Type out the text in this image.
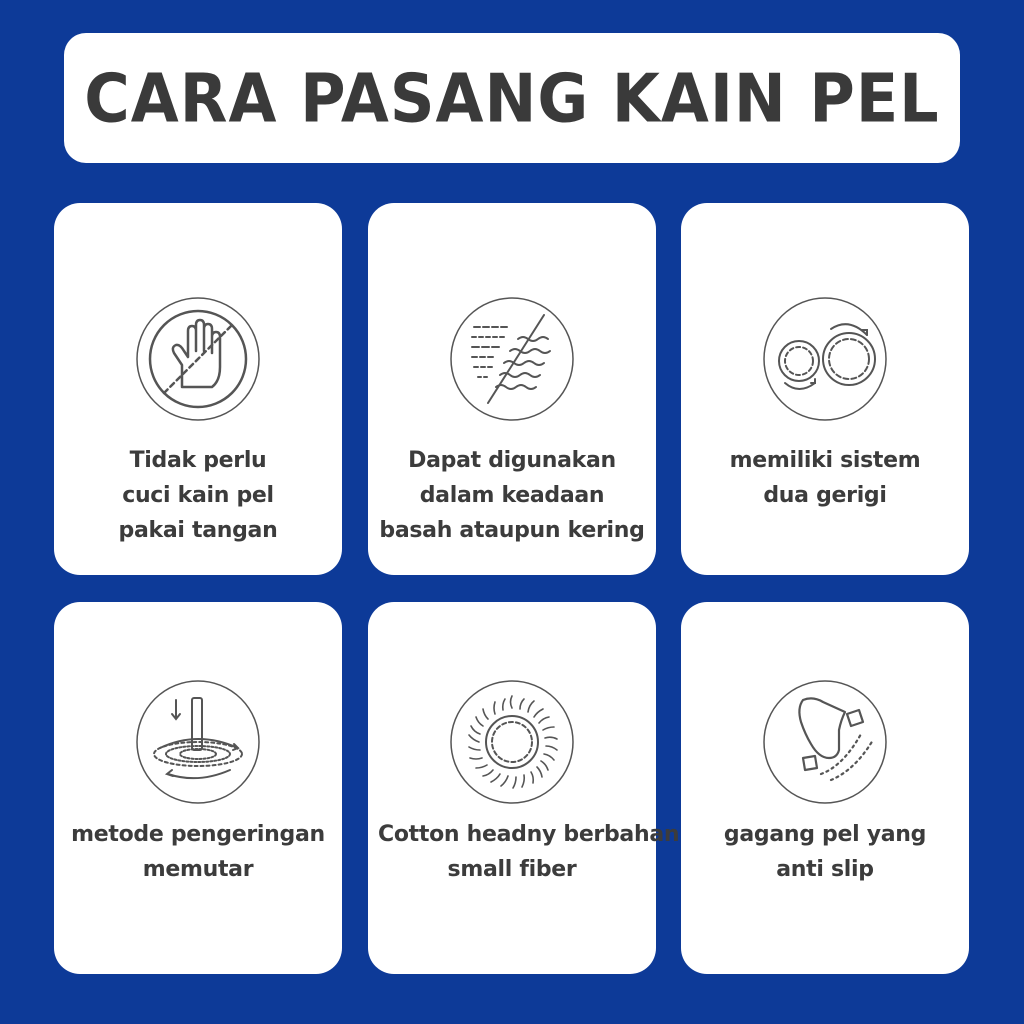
CARA PASANG KAIN PEL
Tidak perlu
cuci kain pel
pakai tangan
Dapat digunakan
dalam keadaan
basah ataupun kering
memiliki sistem
dua gerigi
metode pengeringan
memutar
Cotton headny berbahan
small fiber
gagang pel yang
anti slip
